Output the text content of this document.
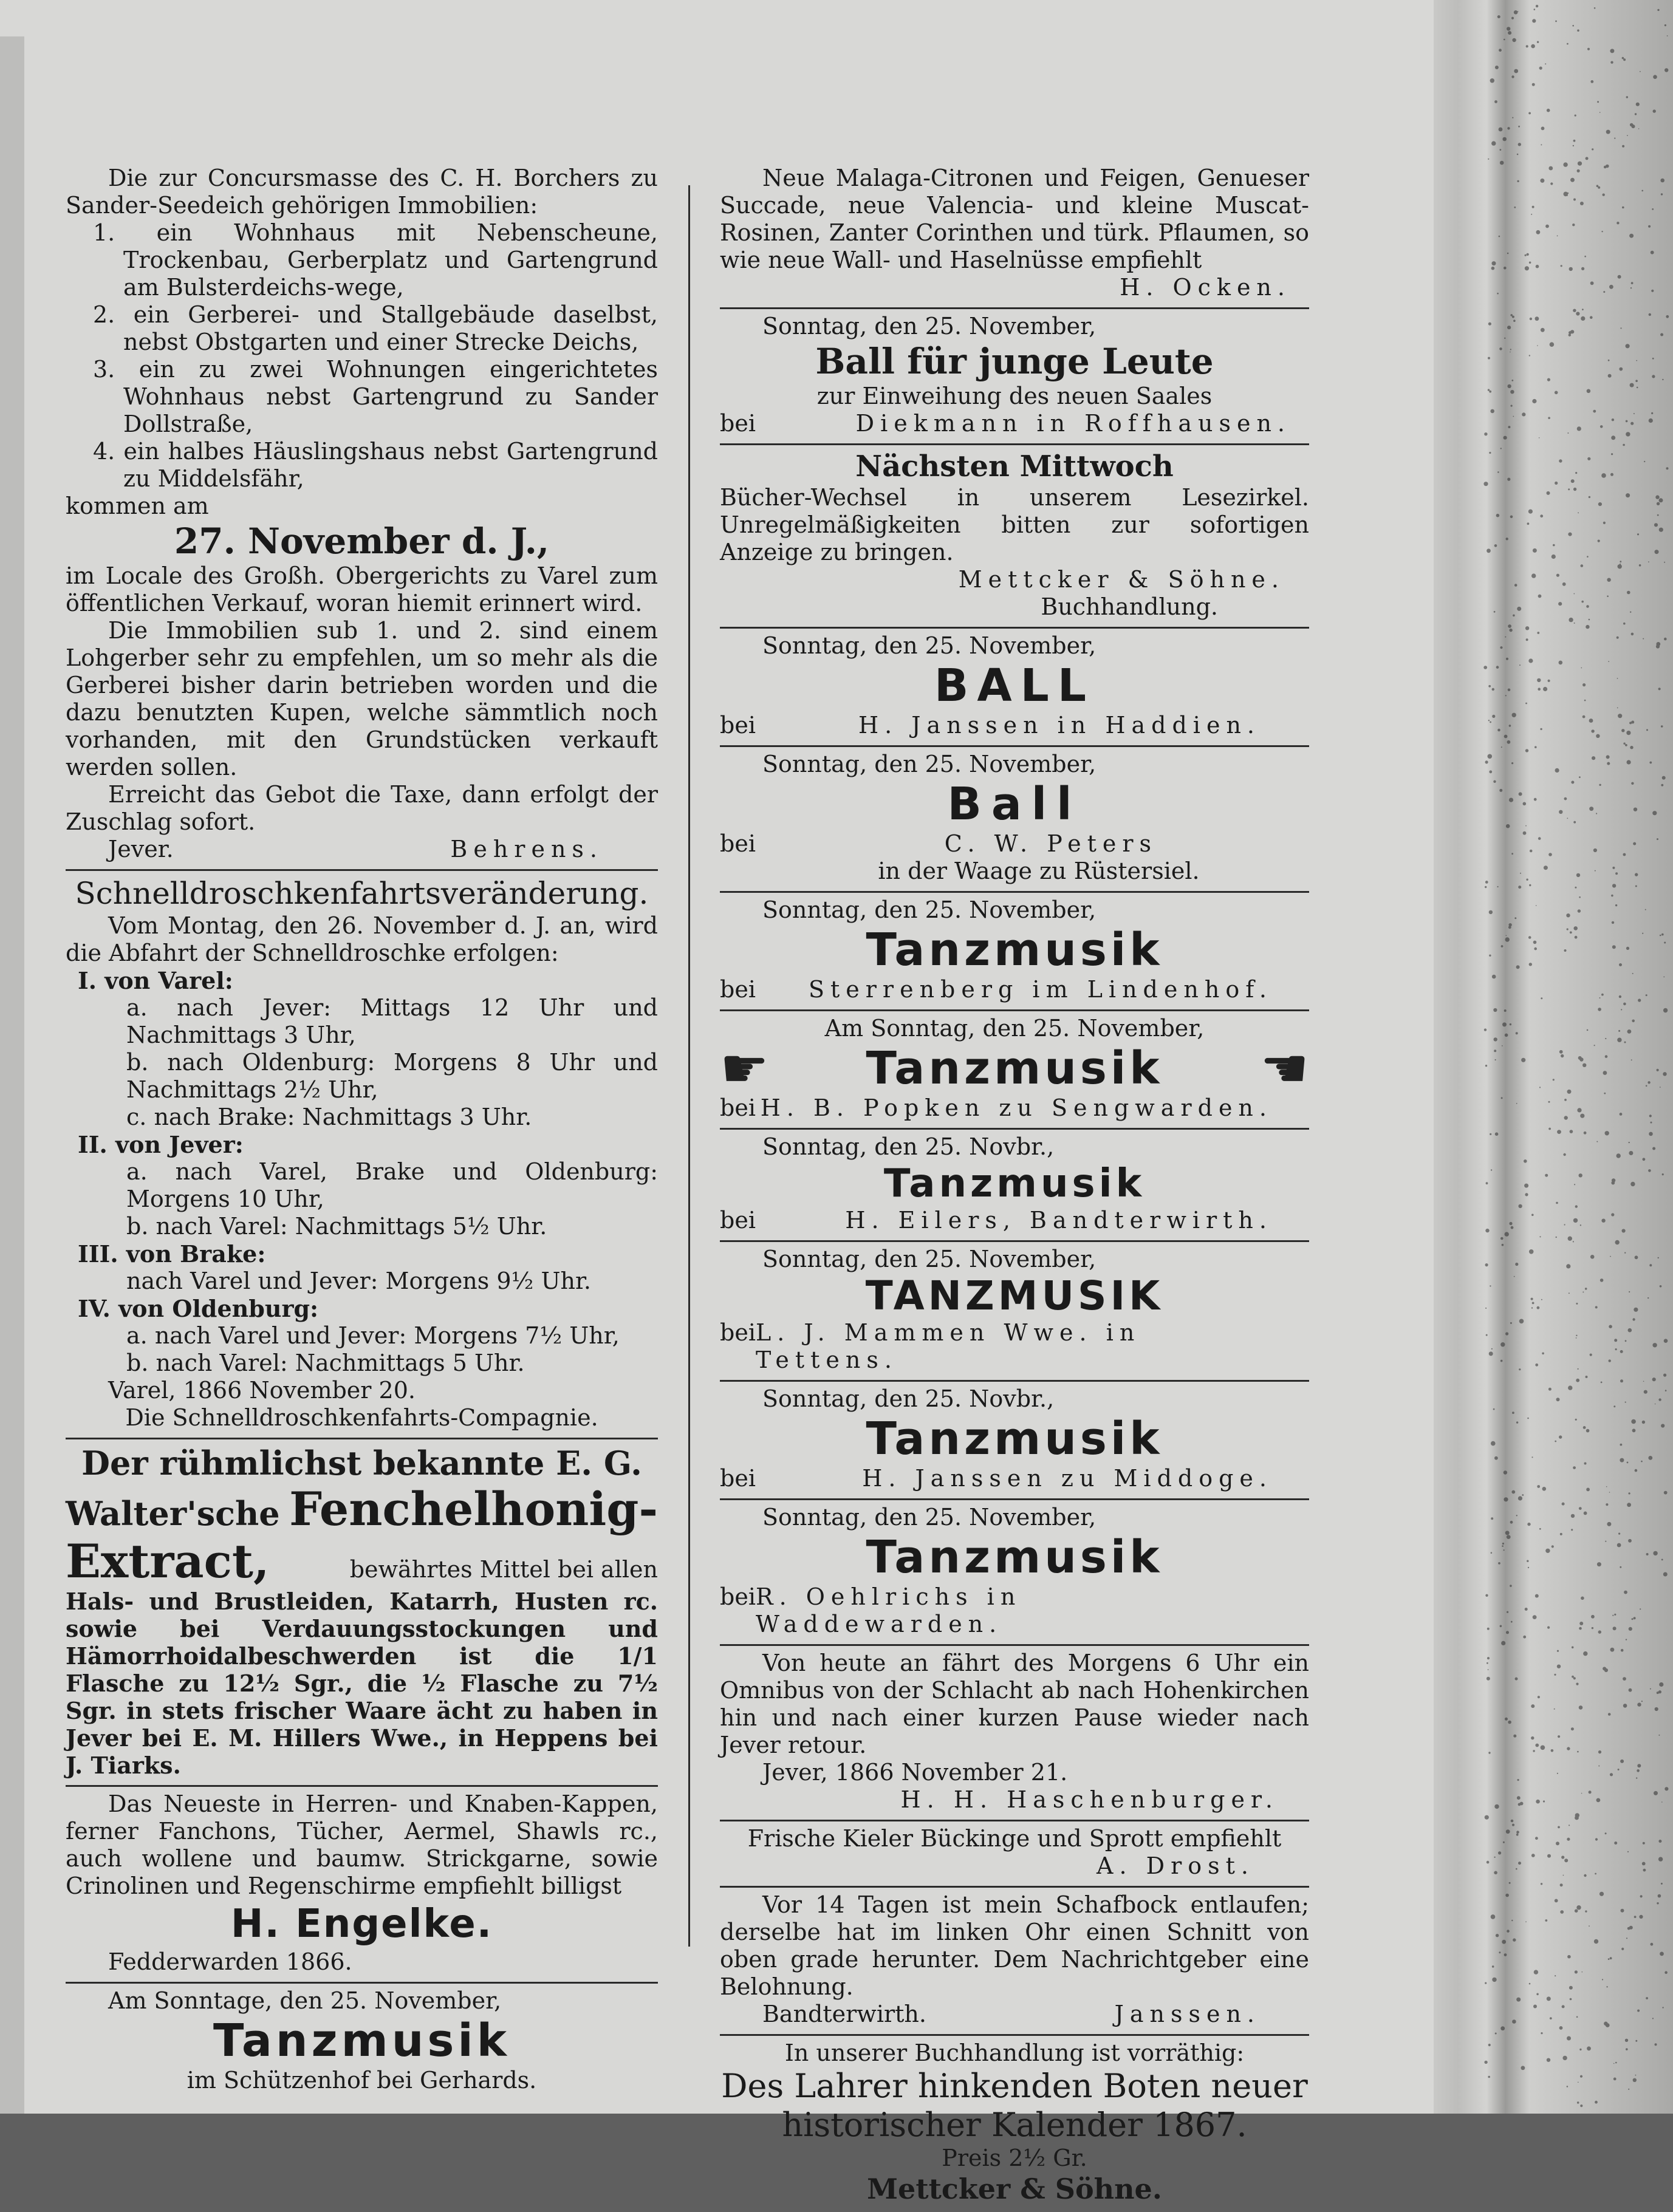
Die zur Concursmasse des C. H. Borchers zu Sander-Seedeich gehörigen Immobilien:

1. ein Wohnhaus mit Nebenscheune, Trockenbau, Gerberplatz und Gartengrund am Bulsterdeichs-wege,

2. ein Gerberei- und Stallgebäude daselbst, nebst Obstgarten und einer Strecke Deichs,

3. ein zu zwei Wohnungen eingerichtetes Wohnhaus nebst Gartengrund zu Sander Dollstraße,

4. ein halbes Häuslingshaus nebst Gartengrund zu Middelsfähr,

kommen am

27. November d. J.,

im Locale des Großh. Obergerichts zu Varel zum öffentlichen Verkauf, woran hiemit erinnert wird.

Die Immobilien sub 1. und 2. sind einem Lohgerber sehr zu empfehlen, um so mehr als die Gerberei bisher darin betrieben worden und die dazu benutzten Kupen, welche sämmtlich noch vorhanden, mit den Grundstücken verkauft werden sollen.

Erreicht das Gebot die Taxe, dann erfolgt der Zuschlag sofort.

Jever.	Behrens.

Schnelldroschkenfahrtsveränderung.

Vom Montag, den 26. November d. J. an, wird die Abfahrt der Schnelldroschke erfolgen:

I. von Varel:

a. nach Jever: Mittags 12 Uhr und Nachmittags 3 Uhr,

b. nach Oldenburg: Morgens 8 Uhr und Nachmittags 2½ Uhr,

c. nach Brake: Nachmittags 3 Uhr.

II. von Jever:

a. nach Varel, Brake und Oldenburg: Morgens 10 Uhr,

b. nach Varel: Nachmittags 5½ Uhr.

III. von Brake:

nach Varel und Jever: Morgens 9½ Uhr.

IV. von Oldenburg:

a. nach Varel und Jever: Morgens 7½ Uhr,

b. nach Varel: Nachmittags 5 Uhr.

Varel, 1866 November 20.

Die Schnelldroschkenfahrts-Compagnie.

Der rühmlichst bekannte E. G.

Walter'sche Fenchelhonig-
Extract,	bewährtes Mittel bei allen

Hals- und Brustleiden, Katarrh, Husten rc. sowie bei Verdauungsstockungen und Hämorrhoidalbeschwerden ist die 1/1 Flasche zu 12½ Sgr., die ½ Flasche zu 7½ Sgr. in stets frischer Waare ächt zu haben in Jever bei E. M. Hillers Wwe., in Heppens bei J. Tiarks.

Das Neueste in Herren- und Knaben-Kappen, ferner Fanchons, Tücher, Aermel, Shawls rc., auch wollene und baumw. Strickgarne, sowie Crinolinen und Regenschirme empfiehlt billigst

H. Engelke.

Fedderwarden 1866.

Am Sonntage, den 25. November,

Tanzmusik

im Schützenhof bei Gerhards.

Neue Malaga-Citronen und Feigen, Genueser Succade, neue Valencia- und kleine Muscat-Rosinen, Zanter Corinthen und türk. Pflaumen, so wie neue Wall- und Haselnüsse empfiehlt

H. Ocken.

Sonntag, den 25. November,

Ball für junge Leute

zur Einweihung des neuen Saales

bei	Diekmann in Roffhausen.

Nächsten Mittwoch

Bücher-Wechsel in unserem Lesezirkel. Unregelmäßigkeiten bitten zur sofortigen Anzeige zu bringen.

Mettcker & Söhne.

Buchhandlung.

Sonntag, den 25. November,

BALL

bei	H. Janssen in Haddien.

Sonntag, den 25. November,

Ball

bei	C. W. Peters

in der Waage zu Rüstersiel.

Sonntag, den 25. November,

Tanzmusik

bei Sterrenberg im Lindenhof.

Am Sonntag, den 25. November,

☛ Tanzmusik ☚
bei H. B. Popken zu Sengwarden.

Sonntag, den 25. Novbr.,

Tanzmusik

bei	H. Eilers, Bandterwirth.

Sonntag, den 25. November,

TANZMUSIK

bei L. J. Mammen Wwe. in Tettens.

Sonntag, den 25. Novbr.,

Tanzmusik

bei	H. Janssen zu Middoge.

Sonntag, den 25. November,

Tanzmusik

bei R. Oehlrichs in Waddewarden.

Von heute an fährt des Morgens 6 Uhr ein Omnibus von der Schlacht ab nach Hohenkirchen hin und nach einer kurzen Pause wieder nach Jever retour.

Jever, 1866 November 21.

H. H. Haschenburger.

Frische Kieler Bückinge und Sprott empfiehlt

A. Drost.

Vor 14 Tagen ist mein Schafbock entlaufen; derselbe hat im linken Ohr einen Schnitt von oben grade herunter. Dem Nachrichtgeber eine Belohnung.

Bandterwirth.	Janssen.

In unserer Buchhandlung ist vorräthig:

Des Lahrer hinkenden Boten neuer

historischer Kalender 1867.

Preis 2½ Gr.

Mettcker & Söhne.
